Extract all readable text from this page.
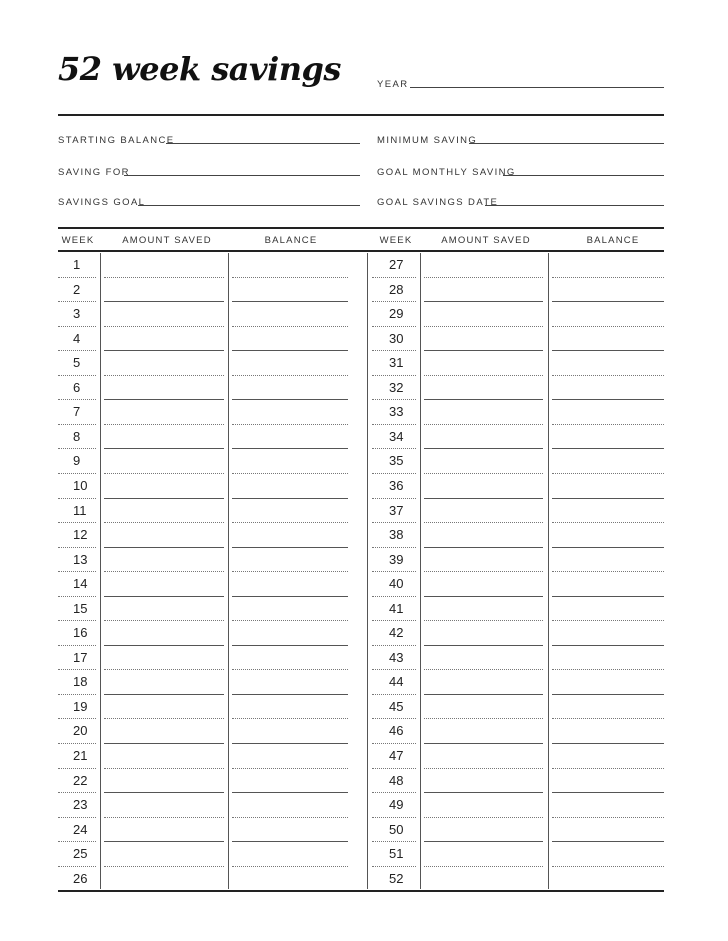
52 week savings	YEAR
STARTING BALANCE
SAVING FOR
SAVINGS GOAL
MINIMUM SAVING
GOAL MONTHLY SAVING
GOAL SAVINGS DATE
WEEK	AMOUNT SAVED	BALANCE	WEEK	AMOUNT SAVED	BALANCE
1	27
2	28
3	29
4	30
5	31
6	32
7	33
8	34
9	35
10	36
11	37
12	38
13	39
14	40
15	41
16	42
17	43
18	44
19	45
20	46
21	47
22	48
23	49
24	50
25	51
26	52
